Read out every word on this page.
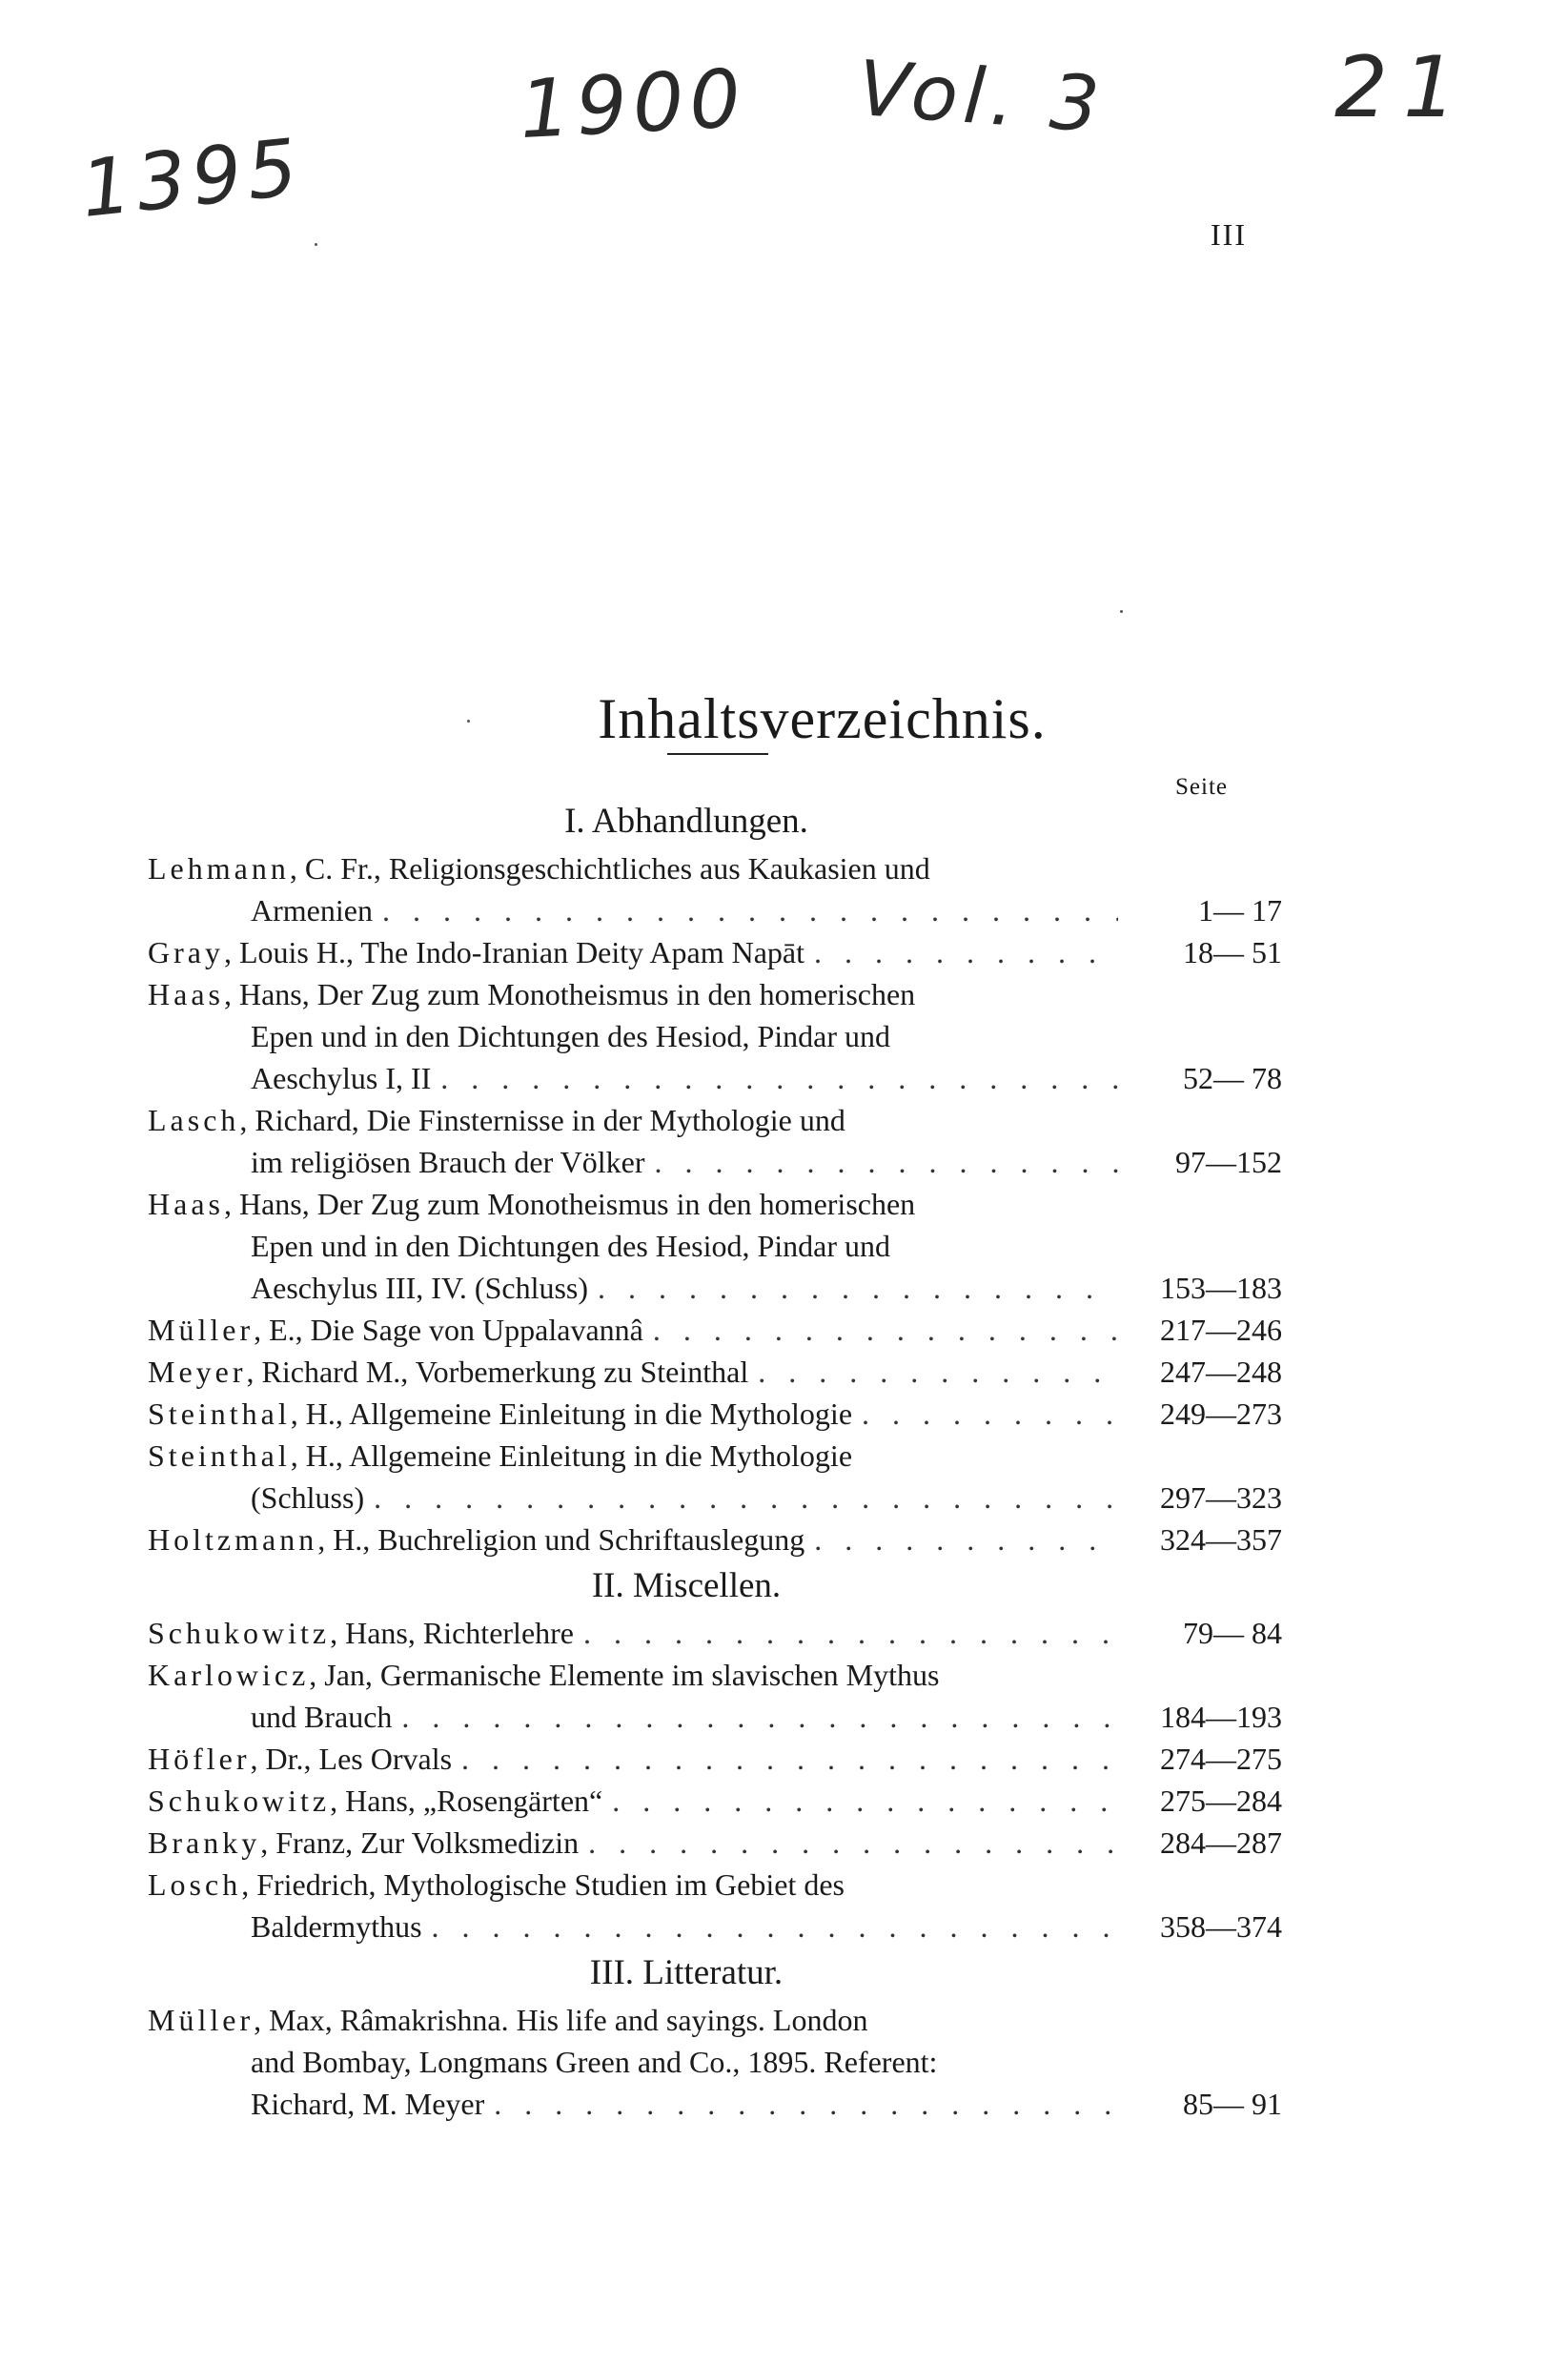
1395
1900 Vol. 3	21
III
Inhaltsverzeichnis.
Seite
I. Abhandlungen.
Lehmann, C. Fr., Religionsgeschichtliches aus Kaukasien und
Armenien . . .	1— 17
Gray, Louis H., The Indo-Iranian Deity Apam Napāt . . .	18— 51
Haas, Hans, Der Zug zum Monotheismus in den homerischen
Epen und in den Dichtungen des Hesiod, Pindar und
Aeschylus I, II . . .	52— 78
Lasch, Richard, Die Finsternisse in der Mythologie und
im religiösen Brauch der Völker . . .	97—152
Haas, Hans, Der Zug zum Monotheismus in den homerischen
Epen und in den Dichtungen des Hesiod, Pindar und
Aeschylus III, IV. (Schluss) . . .	153—183
Müller, E., Die Sage von Uppalavannâ . . .	217—246
Meyer, Richard M., Vorbemerkung zu Steinthal . . .	247—248
Steinthal, H., Allgemeine Einleitung in die Mythologie . . .	249—273
Steinthal, H., Allgemeine Einleitung in die Mythologie
(Schluss) . . .	297—323
Holtzmann, H., Buchreligion und Schriftauslegung . . .	324—357
II. Miscellen.
Schukowitz, Hans, Richterlehre . . .	79— 84
Karlowicz, Jan, Germanische Elemente im slavischen Mythus
und Brauch . . .	184—193
Höfler, Dr., Les Orvals . . .	274—275
Schukowitz, Hans, „Rosengärten“ . . .	275—284
Branky, Franz, Zur Volksmedizin . . .	284—287
Losch, Friedrich, Mythologische Studien im Gebiet des
Baldermythus . . .	358—374
III. Litteratur.
Müller, Max, Râmakrishna. His life and sayings. London
and Bombay, Longmans Green and Co., 1895. Referent:
Richard, M. Meyer . . .	85— 91
